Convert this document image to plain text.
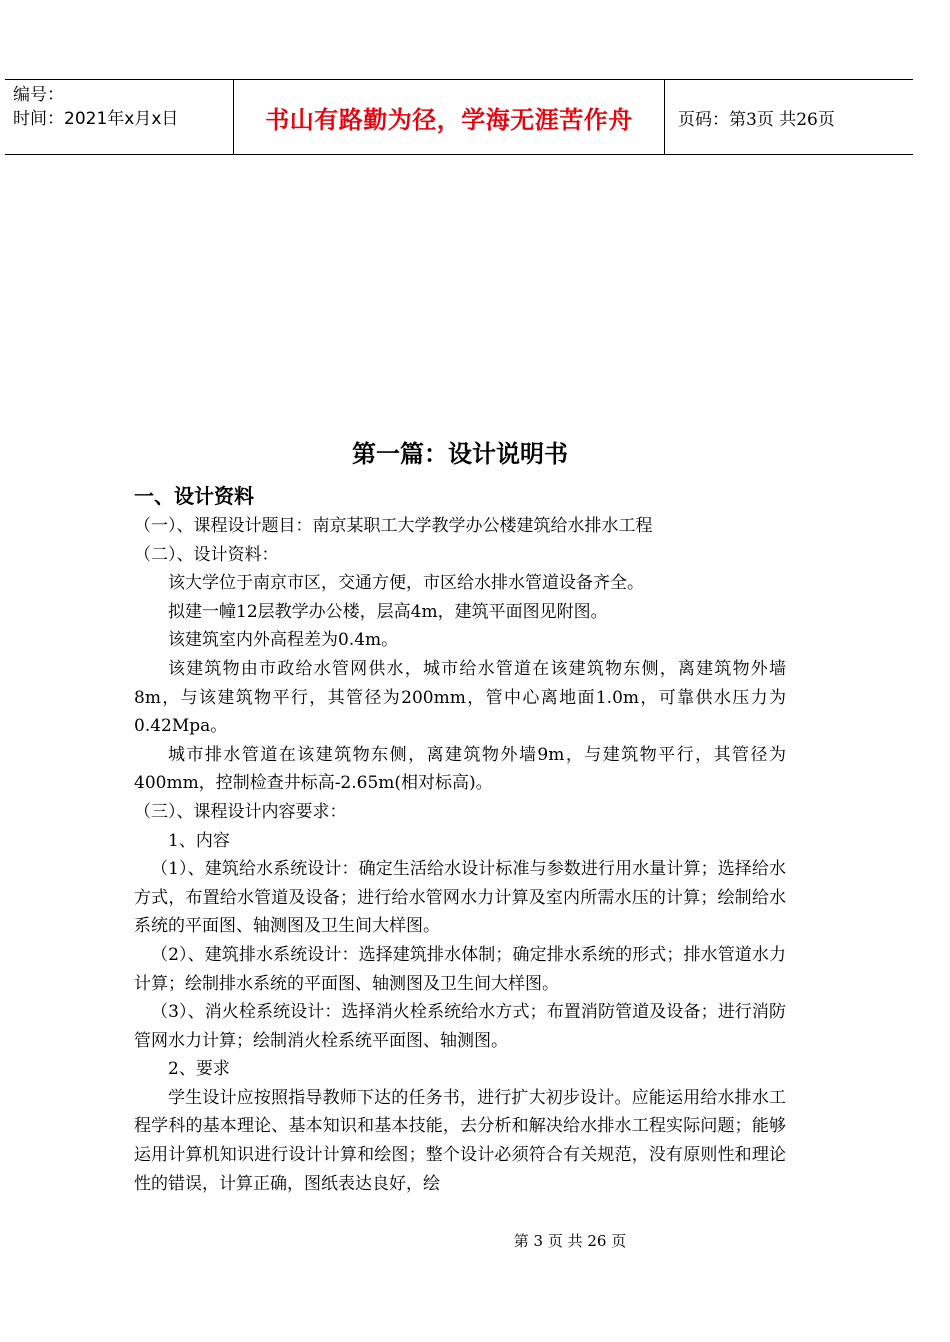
编号：
时间：2021年x月x日	书山有路勤为径，学海无涯苦作舟	页码：第3页 共26页
第一篇：设计说明书
一、设计资料

（一）、课程设计题目：南京某职工大学教学办公楼建筑给水排水工程

（二）、设计资料：

该大学位于南京市区，交通方便，市区给水排水管道设备齐全。

拟建一幢12层教学办公楼，层高4m，建筑平面图见附图。

该建筑室内外高程差为0.4m。

该建筑物由市政给水管网供水，城市给水管道在该建筑物东侧，离建筑物外墙8m，与该建筑物平行，其管径为200mm，管中心离地面1.0m，可靠供水压力为0.42Mpa。

城市排水管道在该建筑物东侧，离建筑物外墙9m，与建筑物平行，其管径为400mm，控制检查井标高-2.65m(相对标高)。

（三）、课程设计内容要求：

1、内容

（1）、建筑给水系统设计：确定生活给水设计标准与参数进行用水量计算；选择给水方式，布置给水管道及设备；进行给水管网水力计算及室内所需水压的计算；绘制给水系统的平面图、轴测图及卫生间大样图。

（2）、建筑排水系统设计：选择建筑排水体制；确定排水系统的形式；排水管道水力计算；绘制排水系统的平面图、轴测图及卫生间大样图。

（3）、消火栓系统设计：选择消火栓系统给水方式；布置消防管道及设备；进行消防管网水力计算；绘制消火栓系统平面图、轴测图。

2、要求

学生设计应按照指导教师下达的任务书，进行扩大初步设计。应能运用给水排水工程学科的基本理论、基本知识和基本技能，去分析和解决给水排水工程实际问题；能够运用计算机知识进行设计计算和绘图；整个设计必须符合有关规范，没有原则性和理论性的错误，计算正确，图纸表达良好，绘

第 3 页 共 26 页
